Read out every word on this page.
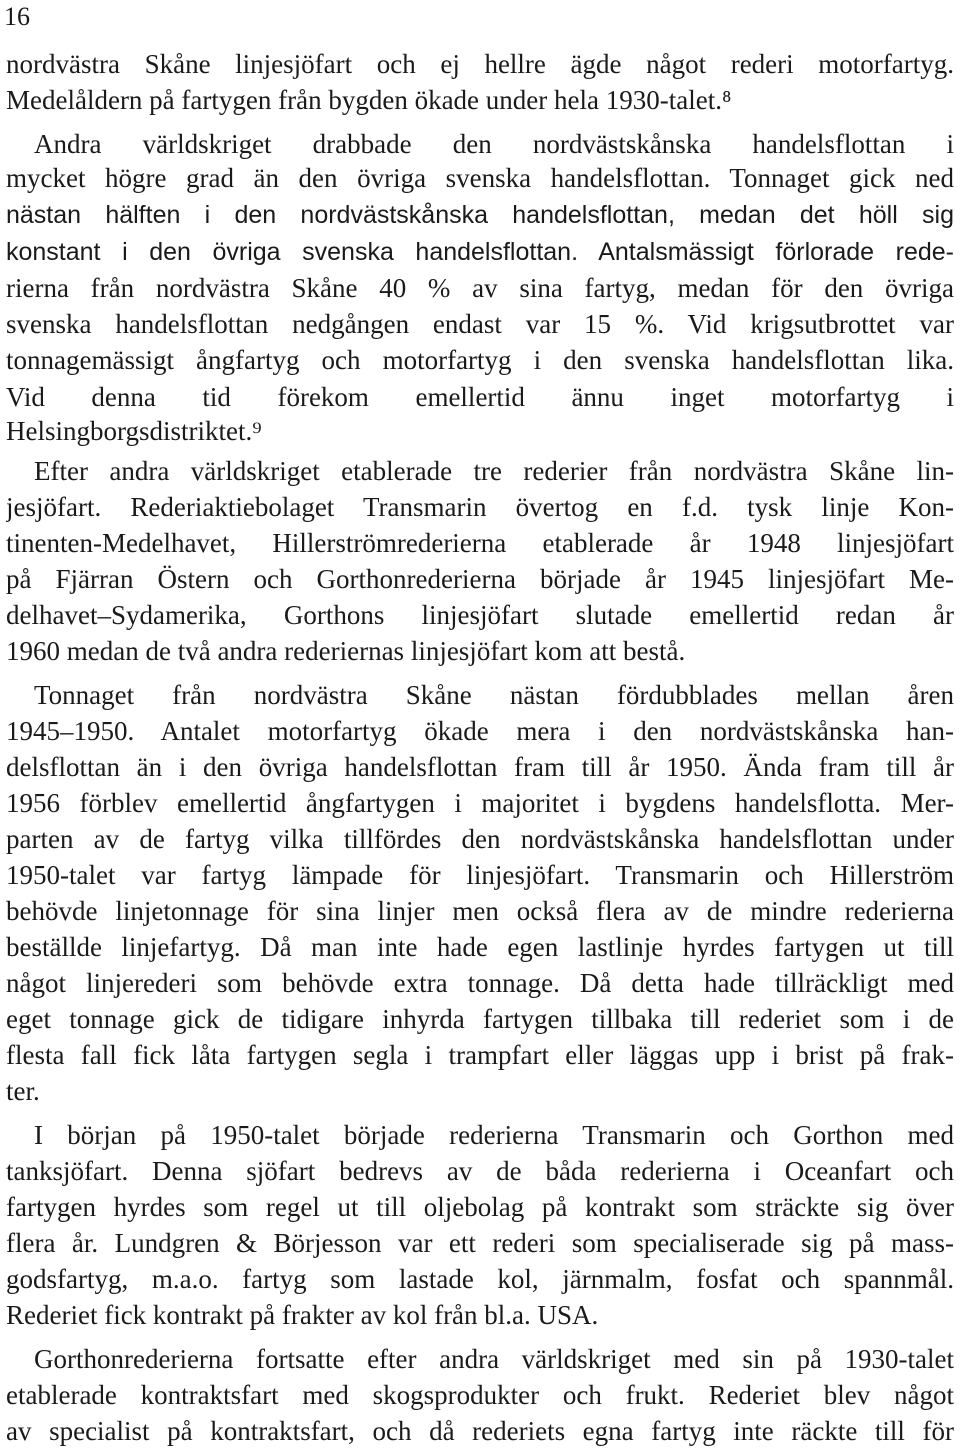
16
nordvästra Skåne linjesjöfart och ej hellre ägde något rederi motorfartyg.
Medelåldern på fartygen från bygden ökade under hela 1930-talet.⁸
Andra världskriget drabbade den nordvästskånska handelsflottan i
mycket högre grad än den övriga svenska handelsflottan. Tonnaget gick ned
nästan hälften i den nordvästskånska handelsflottan, medan det höll sig
konstant i den övriga svenska handelsflottan. Antalsmässigt förlorade rede-
rierna från nordvästra Skåne 40 % av sina fartyg, medan för den övriga
svenska handelsflottan nedgången endast var 15 %. Vid krigsutbrottet var
tonnagemässigt ångfartyg och motorfartyg i den svenska handelsflottan lika.
Vid denna tid förekom emellertid ännu inget motorfartyg i
Helsingborgsdistriktet.⁹
Efter andra världskriget etablerade tre rederier från nordvästra Skåne lin-
jesjöfart. Rederiaktiebolaget Transmarin övertog en f.d. tysk linje Kon-
tinenten-Medelhavet, Hillerströmrederierna etablerade år 1948 linjesjöfart
på Fjärran Östern och Gorthonrederierna började år 1945 linjesjöfart Me-
delhavet–Sydamerika, Gorthons linjesjöfart slutade emellertid redan år
1960 medan de två andra rederiernas linjesjöfart kom att bestå.
Tonnaget från nordvästra Skåne nästan fördubblades mellan åren
1945–1950. Antalet motorfartyg ökade mera i den nordvästskånska han-
delsflottan än i den övriga handelsflottan fram till år 1950. Ända fram till år
1956 förblev emellertid ångfartygen i majoritet i bygdens handelsflotta. Mer-
parten av de fartyg vilka tillfördes den nordvästskånska handelsflottan under
1950-talet var fartyg lämpade för linjesjöfart. Transmarin och Hillerström
behövde linjetonnage för sina linjer men också flera av de mindre rederierna
beställde linjefartyg. Då man inte hade egen lastlinje hyrdes fartygen ut till
något linjerederi som behövde extra tonnage. Då detta hade tillräckligt med
eget tonnage gick de tidigare inhyrda fartygen tillbaka till rederiet som i de
flesta fall fick låta fartygen segla i trampfart eller läggas upp i brist på frak-
ter.
I början på 1950-talet började rederierna Transmarin och Gorthon med
tanksjöfart. Denna sjöfart bedrevs av de båda rederierna i Oceanfart och
fartygen hyrdes som regel ut till oljebolag på kontrakt som sträckte sig över
flera år. Lundgren & Börjesson var ett rederi som specialiserade sig på mass-
godsfartyg, m.a.o. fartyg som lastade kol, järnmalm, fosfat och spannmål.
Rederiet fick kontrakt på frakter av kol från bl.a. USA.
Gorthonrederierna fortsatte efter andra världskriget med sin på 1930-talet
etablerade kontraktsfart med skogsprodukter och frukt. Rederiet blev något
av specialist på kontraktsfart, och då rederiets egna fartyg inte räckte till för
